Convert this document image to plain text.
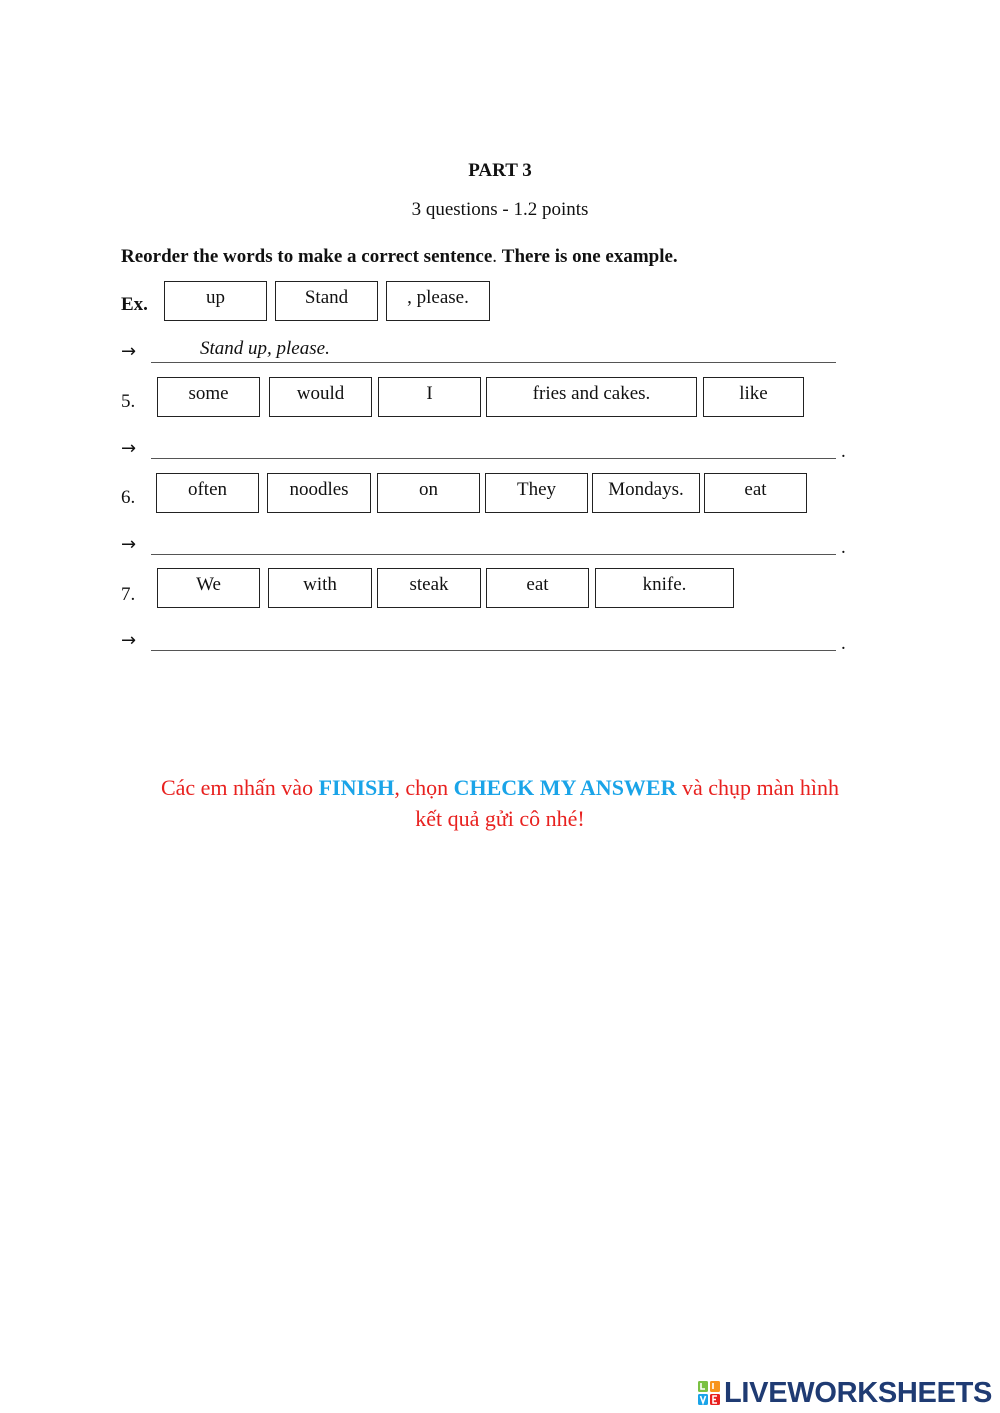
PART 3
3 questions - 1.2 points
Reorder the words to make a correct sentence. There is one example.
Ex.	up	Stand	, please.
→	Stand up, please.
5.	some	would	I	fries and cakes.	like
→	.
6.	often	noodles	on	They	Mondays.	eat
→	.
7.	We	with	steak	eat	knife.
→	.
Các em nhấn vào FINISH, chọn CHECK MY ANSWER và chụp màn hình
kết quả gửi cô nhé!
LIVEWORKSHEETS
